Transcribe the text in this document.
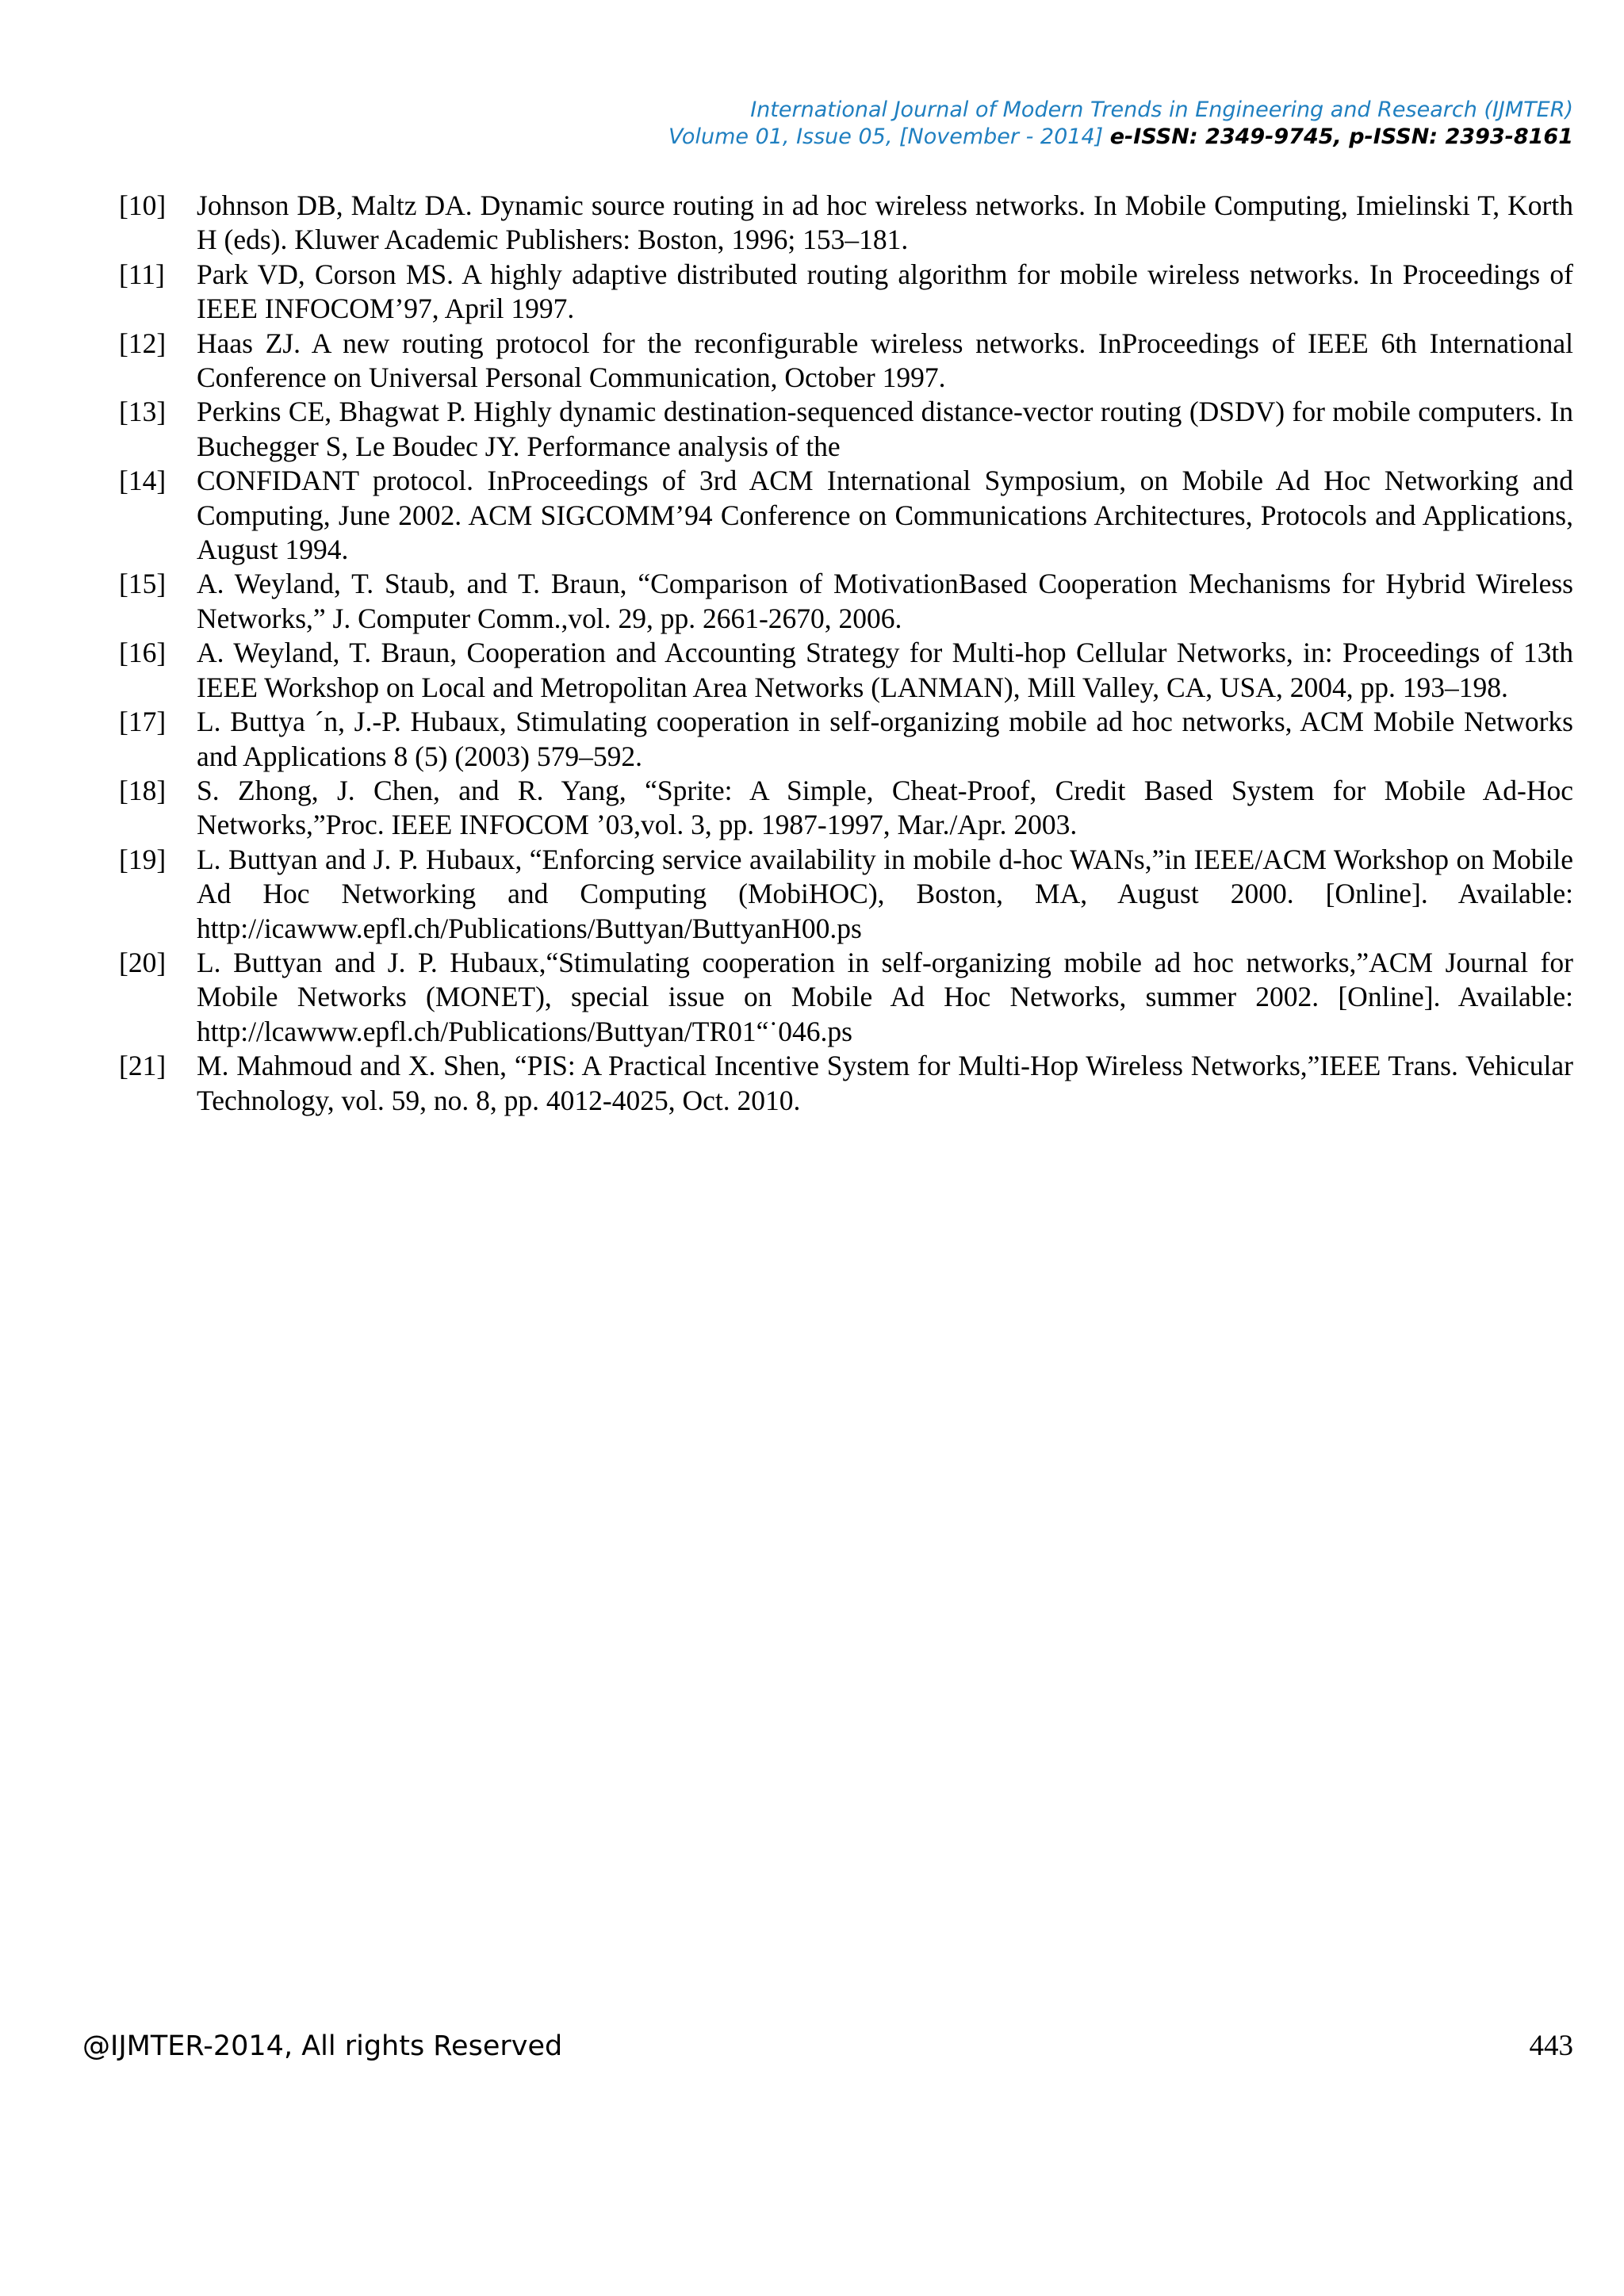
International Journal of Modern Trends in Engineering and Research (IJMTER)
Volume 01, Issue 05, [November - 2014] e-ISSN: 2349-9745, p-ISSN: 2393-8161
[10]	Johnson DB, Maltz DA. Dynamic source routing in ad hoc wireless networks. In Mobile Computing, Imielinski T, Korth H (eds). Kluwer Academic Publishers: Boston, 1996; 153–181.
[11]	Park VD, Corson MS. A highly adaptive distributed routing algorithm for mobile wireless networks. In Proceedings of IEEE INFOCOM’97, April 1997.
[12]	Haas ZJ. A new routing protocol for the reconfigurable wireless networks. InProceedings of IEEE 6th International Conference on Universal Personal Communication, October 1997.
[13]	Perkins CE, Bhagwat P. Highly dynamic destination-sequenced distance-vector routing (DSDV) for mobile computers. In Buchegger S, Le Boudec JY. Performance analysis of the
[14]	CONFIDANT protocol. InProceedings of 3rd ACM International Symposium, on Mobile Ad Hoc Networking and Computing, June 2002. ACM SIGCOMM’94 Conference on Communications Architectures, Protocols and Applications, August 1994.
[15]	A. Weyland, T. Staub, and T. Braun, “Comparison of MotivationBased Cooperation Mechanisms for Hybrid Wireless Networks,” J. Computer Comm.,vol. 29, pp. 2661-2670, 2006.
[16]	A. Weyland, T. Braun, Cooperation and Accounting Strategy for Multi-hop Cellular Networks, in: Proceedings of 13th IEEE Workshop on Local and Metropolitan Area Networks (LANMAN), Mill Valley, CA, USA, 2004, pp. 193–198.
[17]	L. Buttya ´n, J.-P. Hubaux, Stimulating cooperation in self-organizing mobile ad hoc networks, ACM Mobile Networks and Applications 8 (5) (2003) 579–592.
[18]	S. Zhong, J. Chen, and R. Yang, “Sprite: A Simple, Cheat-Proof, Credit Based System for Mobile Ad-Hoc Networks,”Proc. IEEE INFOCOM ’03,vol. 3, pp. 1987-1997, Mar./Apr. 2003.
[19]	L. Buttyan and J. P. Hubaux, “Enforcing service availability in mobile d-hoc WANs,”in IEEE/ACM Workshop on Mobile Ad Hoc Networking and Computing (MobiHOC), Boston, MA, August 2000. [Online]. Available: http://icawww.epfl.ch/Publications/Buttyan/ButtyanH00.ps
[20]	L. Buttyan and J. P. Hubaux,“Stimulating cooperation in self-organizing mobile ad hoc networks,”ACM Journal for Mobile Networks (MONET), special issue on Mobile Ad Hoc Networks, summer 2002. [Online]. Available: http://lcawww.epfl.ch/Publications/Buttyan/TR01“˙046.ps
[21]	M. Mahmoud and X. Shen, “PIS: A Practical Incentive System for Multi-Hop Wireless Networks,”IEEE Trans. Vehicular Technology, vol. 59, no. 8, pp. 4012-4025, Oct. 2010.
@IJMTER-2014, All rights Reserved	443
